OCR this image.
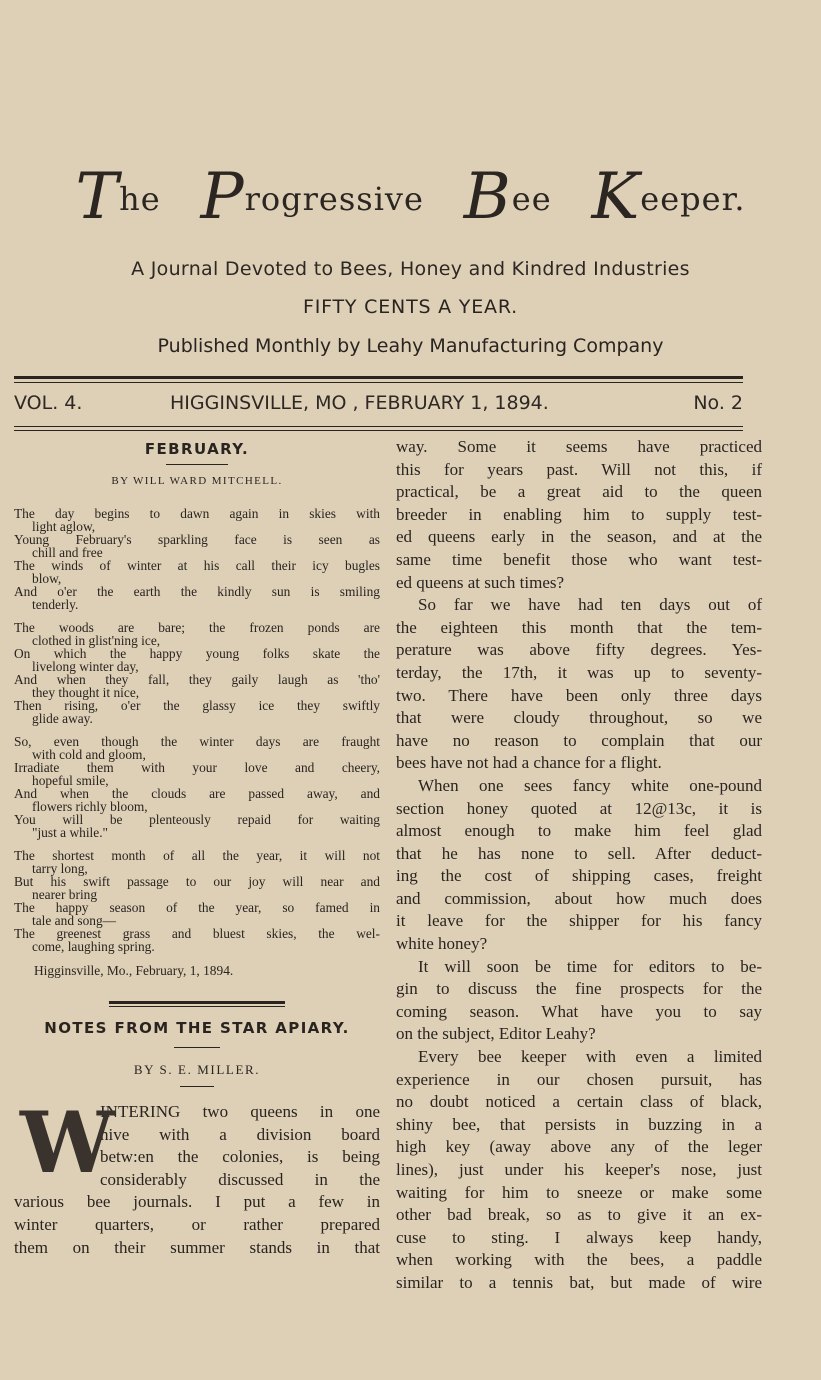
The Progressive Bee Keeper.
A Journal Devoted to Bees, Honey and Kindred Industries
FIFTY CENTS A YEAR.
Published Monthly by Leahy Manufacturing Company
VOL. 4.	HIGGINSVILLE, MO , FEBRUARY 1, 1894.	No. 2
FEBRUARY.
BY WILL WARD MITCHELL.
The day begins to dawn again in skies with
light aglow,
Young February's sparkling face is seen as
chill and free
The winds of winter at his call their icy bugles
blow,
And o'er the earth the kindly sun is smiling
tenderly.
The woods are bare; the frozen ponds are
clothed in glist'ning ice,
On which the happy young folks skate the
livelong winter day,
And when they fall, they gaily laugh as 'tho'
they thought it nice,
Then rising, o'er the glassy ice they swiftly
glide away.
So, even though the winter days are fraught
with cold and gloom,
Irradiate them with your love and cheery,
hopeful smile,
And when the clouds are passed away, and
flowers richly bloom,
You will be plenteously repaid for waiting
"just a while."
The shortest month of all the year, it will not
tarry long,
But his swift passage to our joy will near and
nearer bring
The happy season of the year, so famed in
tale and song—
The greenest grass and bluest skies, the wel-
come, laughing spring.
Higginsville, Mo., February, 1, 1894.
NOTES FROM THE STAR APIARY.
BY S. E. MILLER.
W
INTERING two queens in one
hive with a division board
betw:en the colonies, is being
considerably discussed in the
various bee journals. I put a few in
winter quarters, or rather prepared
them on their summer stands in that
way. Some it seems have practiced
this for years past. Will not this, if
practical, be a great aid to the queen
breeder in enabling him to supply test-
ed queens early in the season, and at the
same time benefit those who want test-
ed queens at such times?
So far we have had ten days out of
the eighteen this month that the tem-
perature was above fifty degrees. Yes-
terday, the 17th, it was up to seventy-
two. There have been only three days
that were cloudy throughout, so we
have no reason to complain that our
bees have not had a chance for a flight.
When one sees fancy white one-pound
section honey quoted at 12@13c, it is
almost enough to make him feel glad
that he has none to sell. After deduct-
ing the cost of shipping cases, freight
and commission, about how much does
it leave for the shipper for his fancy
white honey?
It will soon be time for editors to be-
gin to discuss the fine prospects for the
coming season. What have you to say
on the subject, Editor Leahy?
Every bee keeper with even a limited
experience in our chosen pursuit, has
no doubt noticed a certain class of black,
shiny bee, that persists in buzzing in a
high key (away above any of the leger
lines), just under his keeper's nose, just
waiting for him to sneeze or make some
other bad break, so as to give it an ex-
cuse to sting. I always keep handy,
when working with the bees, a paddle
similar to a tennis bat, but made of wire
